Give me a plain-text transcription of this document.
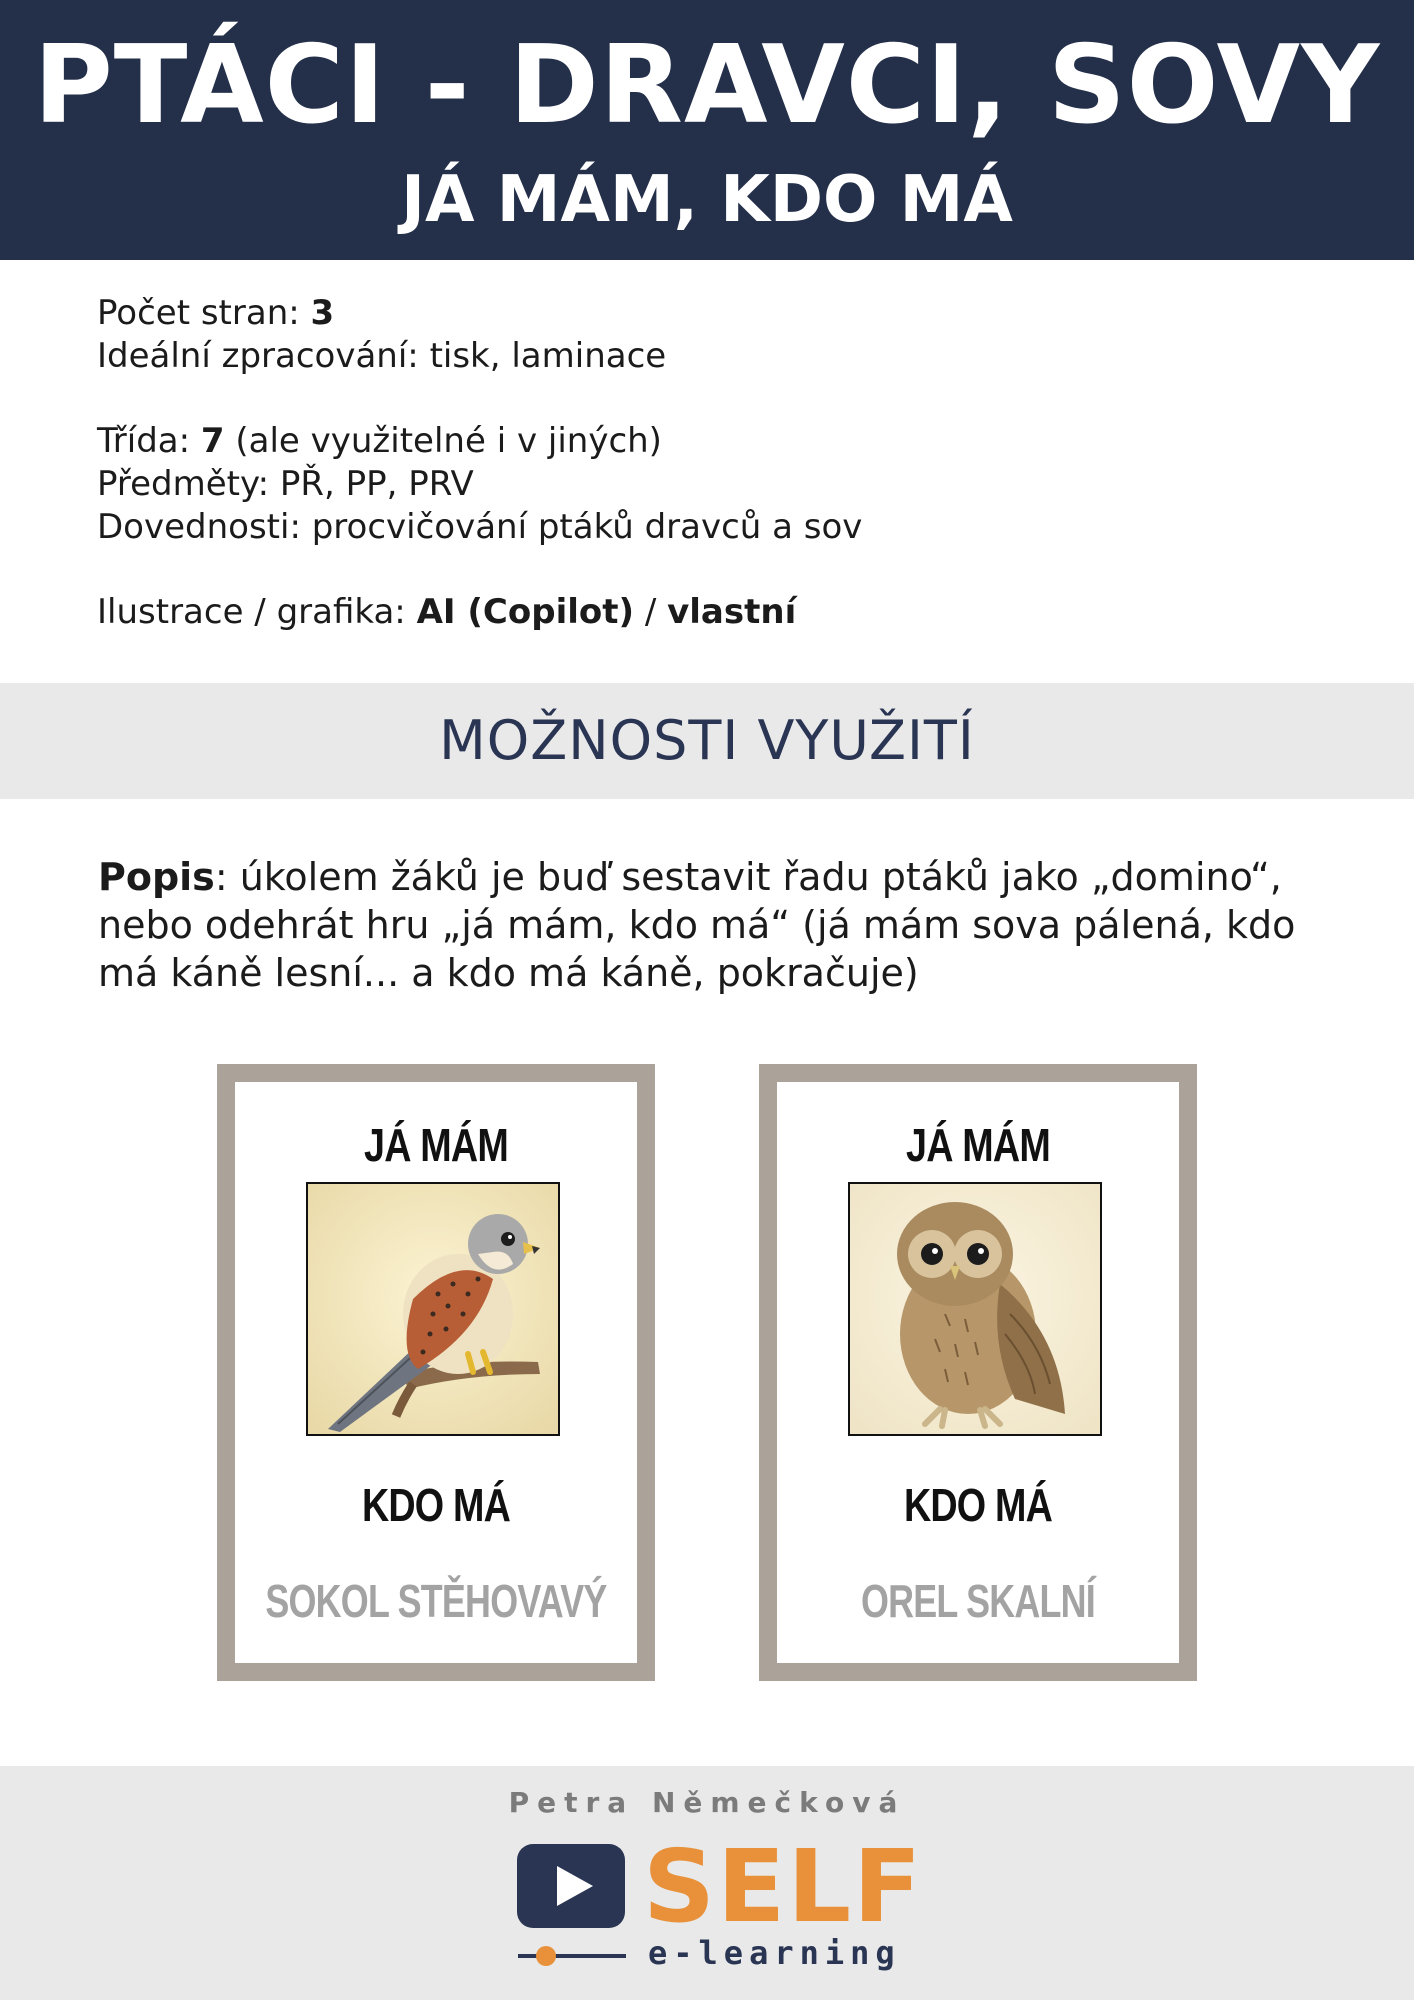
PTÁCI - DRAVCI, SOVY
JÁ MÁM, KDO MÁ
Počet stran: 3
Ideální zpracování: tisk, laminace
Třída: 7 (ale využitelné i v jiných)
Předměty: PŘ, PP, PRV
Dovednosti: procvičování ptáků dravců a sov
Ilustrace / grafika: AI (Copilot) / vlastní
MOŽNOSTI VYUŽITÍ
Popis: úkolem žáků je buď sestavit řadu ptáků jako „domino“, nebo odehrát hru „já mám, kdo má“ (já mám sova pálená, kdo má káně lesní... a kdo má káně, pokračuje)
JÁ MÁM
KDO MÁ
SOKOL STĚHOVAVÝ
JÁ MÁM
KDO MÁ
OREL SKALNÍ
Petra Němečková
SELF
e-learning
